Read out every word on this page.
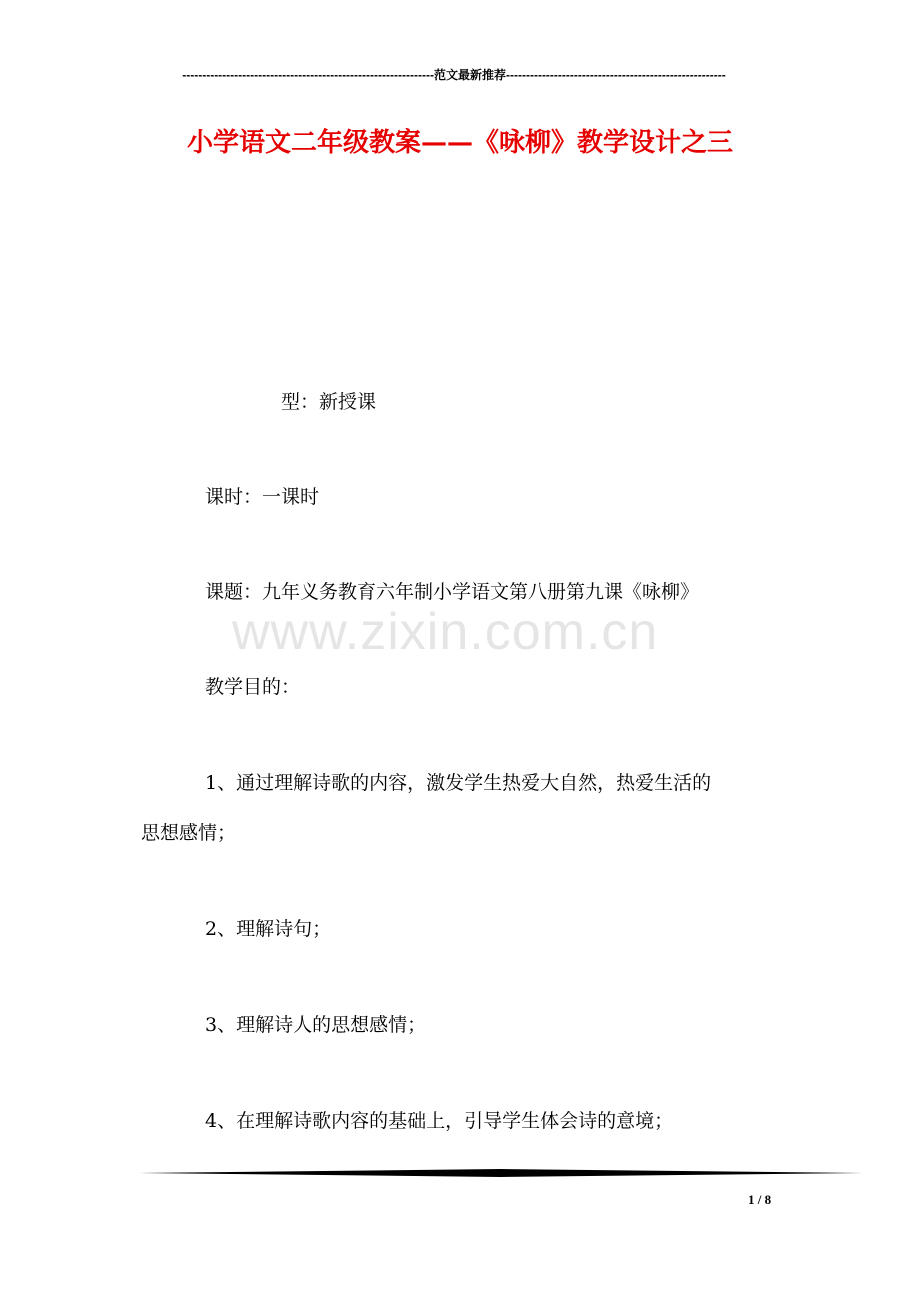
---------------------------------------------------------------范文最新推荐-------------------------------------------------------
小学语文二年级教案——《咏柳》教学设计之三
型：新授课
课时：一课时
课题：九年义务教育六年制小学语文第八册第九课《咏柳》
www.zixin.com.cn
教学目的：
1、通过理解诗歌的内容，激发学生热爱大自然，热爱生活的
思想感情；
2、理解诗句；
3、理解诗人的思想感情；
4、在理解诗歌内容的基础上，引导学生体会诗的意境；
1 / 8
